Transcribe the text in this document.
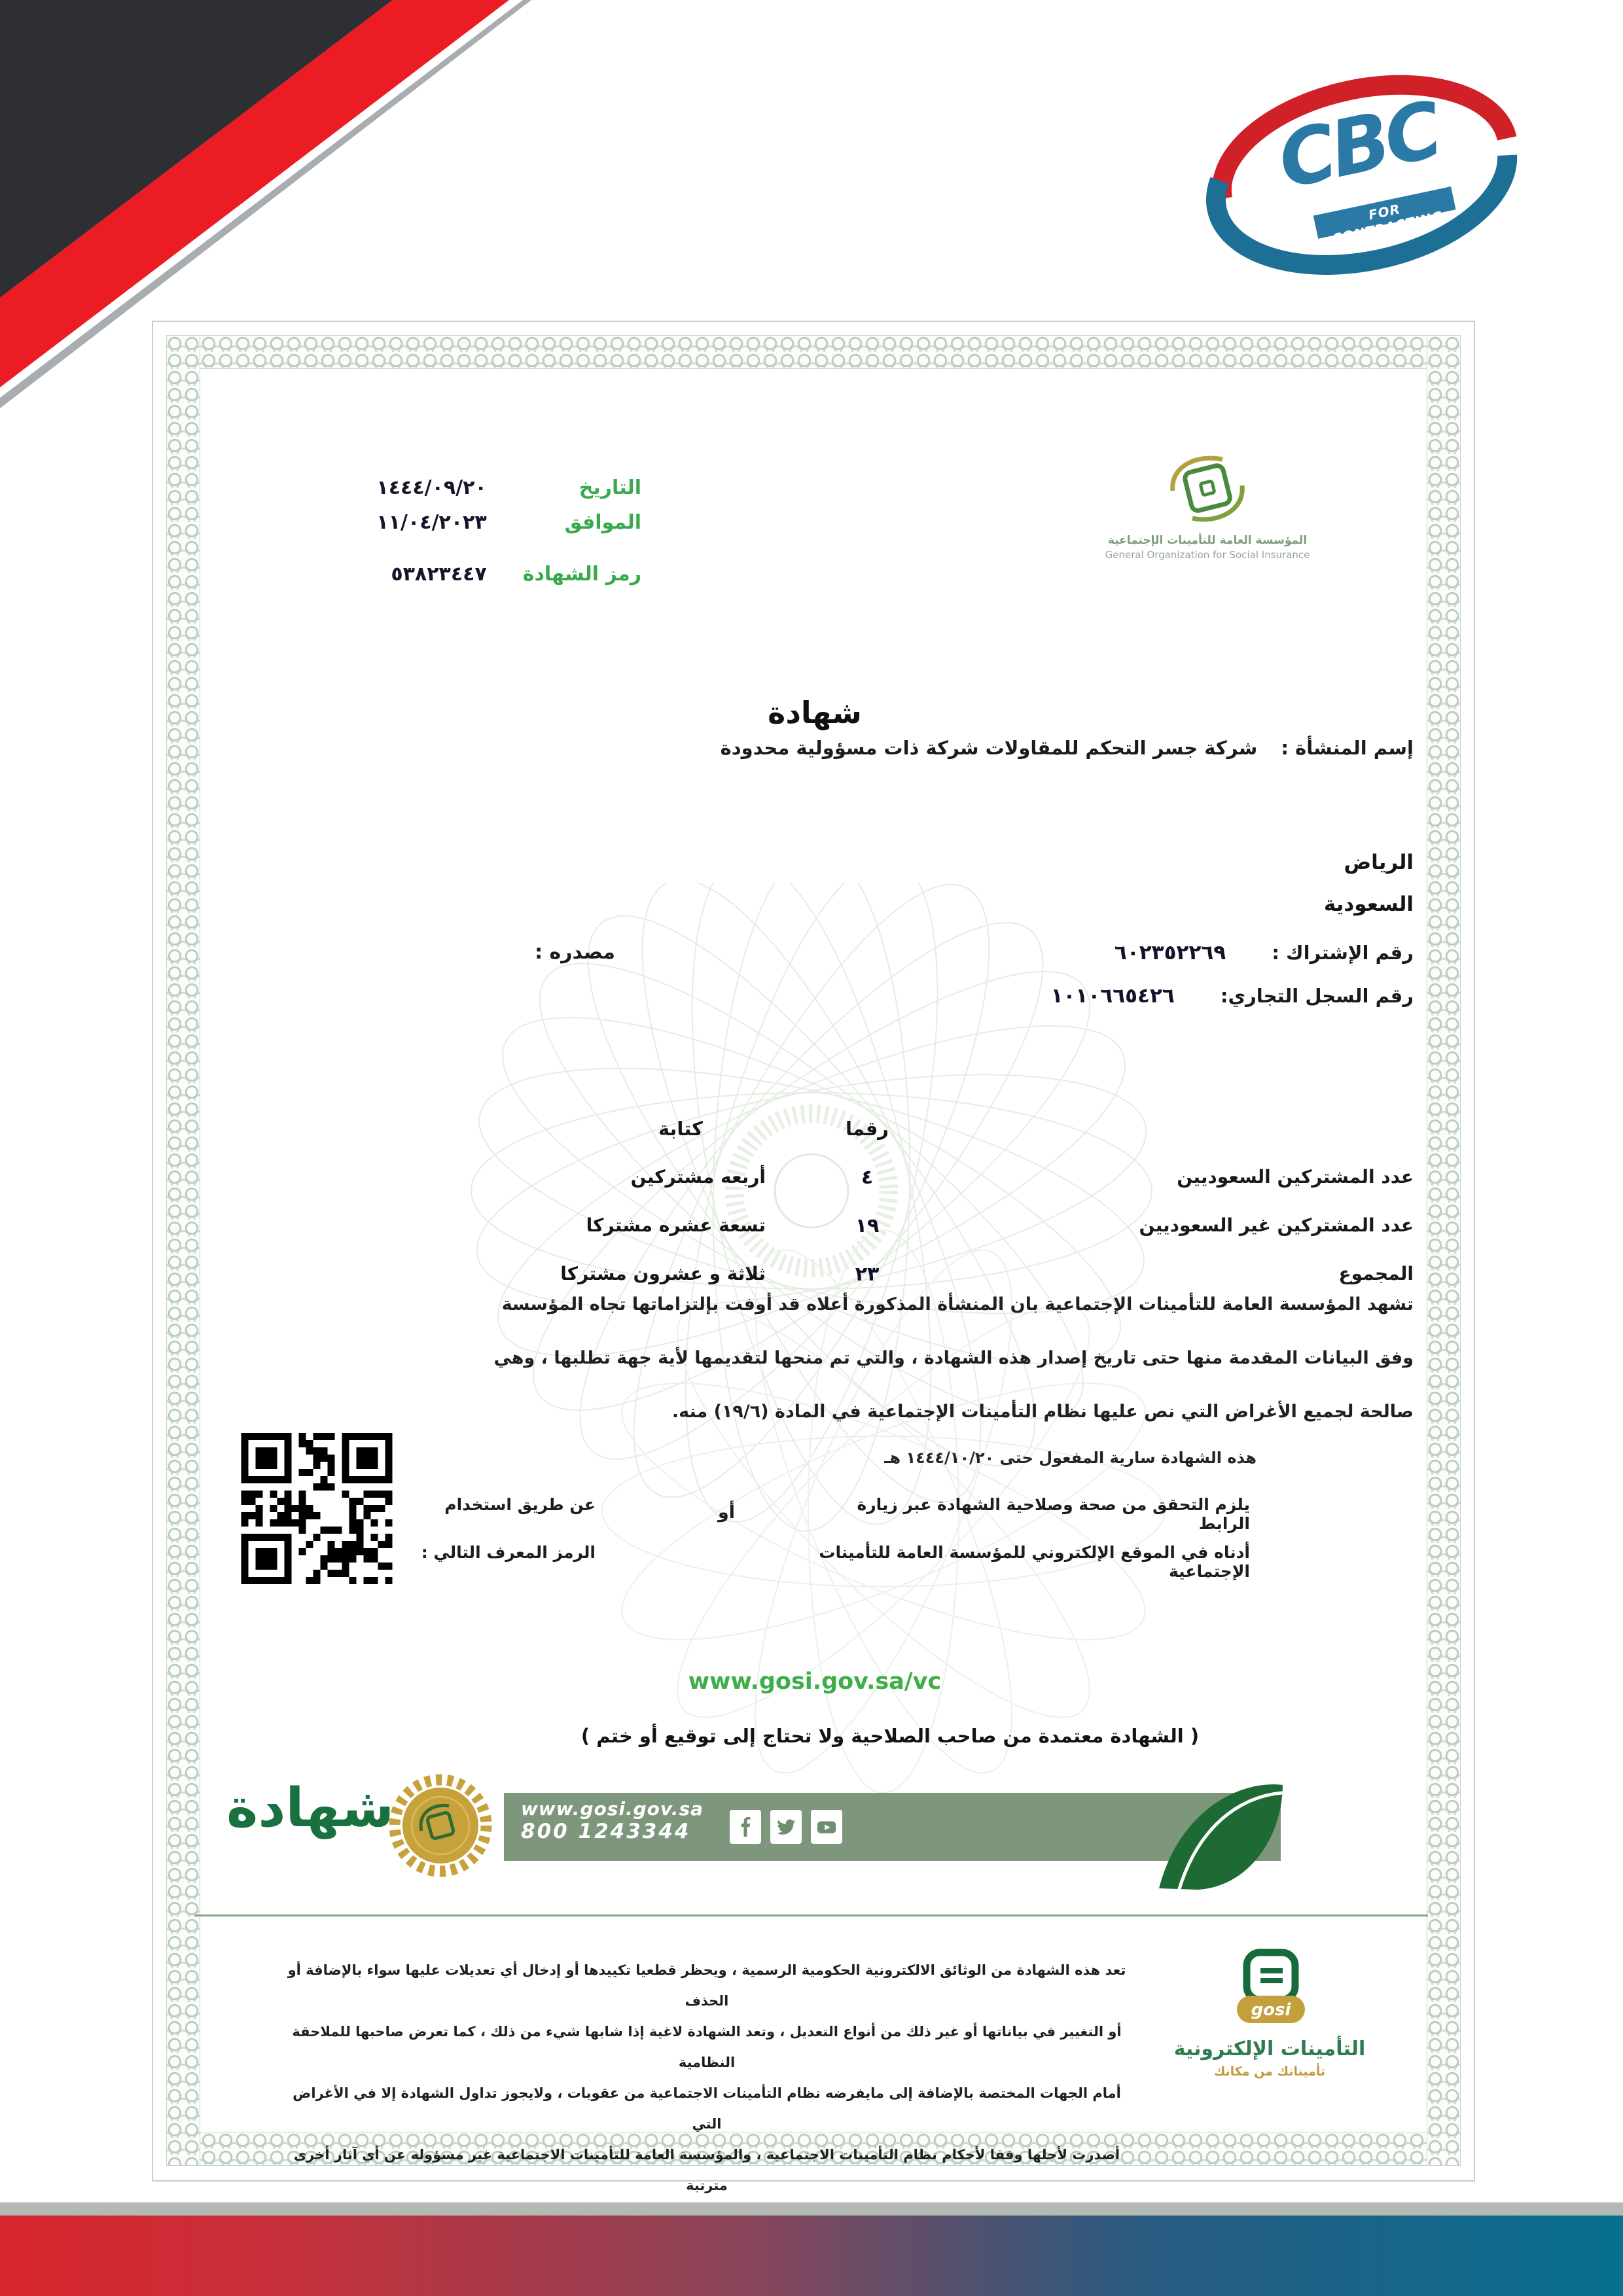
CBC
FOR CONTRACTING
التاريخ
١٤٤٤/٠٩/٢٠
الموافق
١١/٠٤/٢٠٢٣
رمز الشهادة
٥٣٨٢٣٤٤٧
المؤسسة العامة للتأمينات الإجتماعية
General Organization for Social Insurance
شهادة
إسم المنشأة : شركة جسر التحكم للمقاولات شركة ذات مسؤولية محدودة
الرياض
السعودية
رقم الإشتراك : ٦٠٢٣٥٢٢٦٩
رقم السجل التجاري: ١٠١٠٦٦٥٤٢٦
مصدره :
رقما
كتابة
عدد المشتركين السعوديين
٤
أربعه مشتركين
عدد المشتركين غير السعوديين
١٩
تسعة عشره مشتركا
المجموع
٢٣
ثلاثة و عشرون مشتركا
تشهد المؤسسة العامة للتأمينات الإجتماعية بان المنشأة المذكورة أعلاه قد أوفت بإلتزاماتها تجاه المؤسسة
وفق البيانات المقدمة منها حتى تاريخ إصدار هذه الشهادة ، والتي تم منحها لتقديمها لأية جهة تطلبها ، وهي
صالحة لجميع الأغراض التي نص عليها نظام التأمينات الإجتماعية في المادة (١٩/٦) منه.
هذه الشهادة سارية المفعول حتى ١٤٤٤/١٠/٢٠ هـ
يلزم التحقق من صحة وصلاحية الشهادة عبر زيارة الرابط
أدناه في الموقع الإلكتروني للمؤسسة العامة للتأمينات الإجتماعية
أو
عن طريق استخدام
الرمز المعرف التالي :
www.gosi.gov.sa/vc
( الشهادة معتمدة من صاحب الصلاحية ولا تحتاج إلى توقيع أو ختم )
شهادة	www.gosi.gov.sa
800 1243344
تعد هذه الشهادة من الوثائق الالكترونية الحكومية الرسمية ، ويحظر قطعيا تكييدها أو إدخال أي تعديلات عليها سواء بالإضافة أو الحذف
أو التغيير في بياناتها أو غير ذلك من أنواع التعديل ، وتعد الشهادة لاغية إذا شابها شيء من ذلك ، كما تعرض صاحبها للملاحقة النظامية
أمام الجهات المختصة بالإضافة إلى مايفرضه نظام التأمينات الاجتماعية من عقوبات ، ولايجوز تداول الشهادة إلا في الأغراض التي
أصدرت لأجلها وفقا لأحكام نظام التأمينات الاجتماعية ، والمؤسسة العامة للتأمينات الاجتماعية غير مسؤوله عن أي آثار أخرى مترتبة
gosi
التأمينات الإلكترونية
تأميناتك من مكانك
